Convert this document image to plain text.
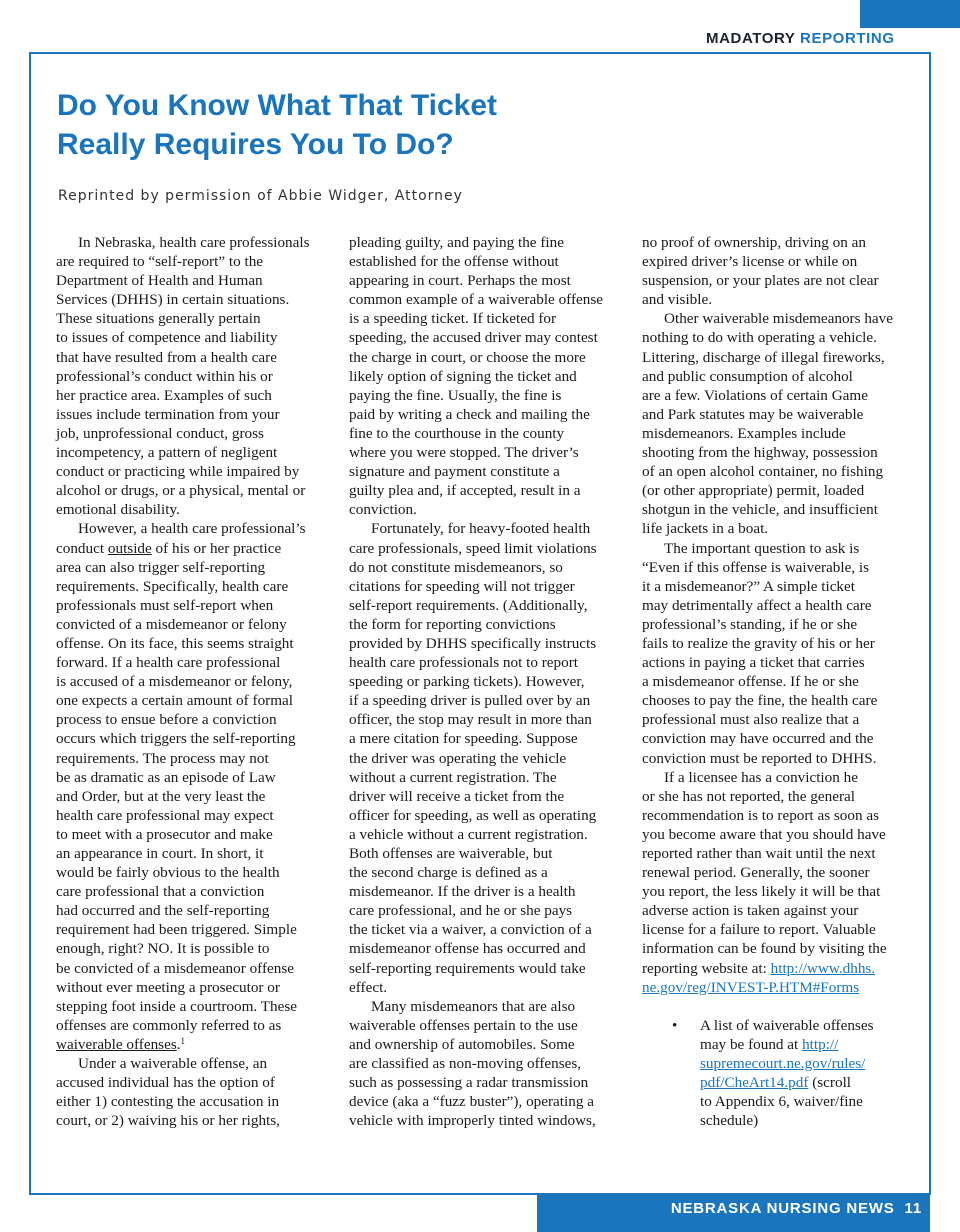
MADATORY REPORTING
Do You Know What That Ticket
Really Requires You To Do?
Reprinted by permission of Abbie Widger, Attorney
In Nebraska, health care professionals
are required to “self-report” to the
Department of Health and Human
Services (DHHS) in certain situations.
These situations generally pertain
to issues of competence and liability
that have resulted from a health care
professional’s conduct within his or
her practice area. Examples of such
issues include termination from your
job, unprofessional conduct, gross
incompetency, a pattern of negligent
conduct or practicing while impaired by
alcohol or drugs, or a physical, mental or
emotional disability.
However, a health care professional’s
conduct outside of his or her practice
area can also trigger self-reporting
requirements. Specifically, health care
professionals must self-report when
convicted of a misdemeanor or felony
offense. On its face, this seems straight
forward. If a health care professional
is accused of a misdemeanor or felony,
one expects a certain amount of formal
process to ensue before a conviction
occurs which triggers the self-reporting
requirements. The process may not
be as dramatic as an episode of Law
and Order, but at the very least the
health care professional may expect
to meet with a prosecutor and make
an appearance in court. In short, it
would be fairly obvious to the health
care professional that a conviction
had occurred and the self-reporting
requirement had been triggered. Simple
enough, right? NO. It is possible to
be convicted of a misdemeanor offense
without ever meeting a prosecutor or
stepping foot inside a courtroom. These
offenses are commonly referred to as
waiverable offenses.$^1$
Under a waiverable offense, an
accused individual has the option of
either 1) contesting the accusation in
court, or 2) waiving his or her rights,
pleading guilty, and paying the fine
established for the offense without
appearing in court. Perhaps the most
common example of a waiverable offense
is a speeding ticket. If ticketed for
speeding, the accused driver may contest
the charge in court, or choose the more
likely option of signing the ticket and
paying the fine. Usually, the fine is
paid by writing a check and mailing the
fine to the courthouse in the county
where you were stopped. The driver’s
signature and payment constitute a
guilty plea and, if accepted, result in a
conviction.
Fortunately, for heavy-footed health
care professionals, speed limit violations
do not constitute misdemeanors, so
citations for speeding will not trigger
self-report requirements. (Additionally,
the form for reporting convictions
provided by DHHS specifically instructs
health care professionals not to report
speeding or parking tickets). However,
if a speeding driver is pulled over by an
officer, the stop may result in more than
a mere citation for speeding. Suppose
the driver was operating the vehicle
without a current registration. The
driver will receive a ticket from the
officer for speeding, as well as operating
a vehicle without a current registration.
Both offenses are waiverable, but
the second charge is defined as a
misdemeanor. If the driver is a health
care professional, and he or she pays
the ticket via a waiver, a conviction of a
misdemeanor offense has occurred and
self-reporting requirements would take
effect.
Many misdemeanors that are also
waiverable offenses pertain to the use
and ownership of automobiles. Some
are classified as non-moving offenses,
such as possessing a radar transmission
device (aka a “fuzz buster”), operating a
vehicle with improperly tinted windows,
no proof of ownership, driving on an
expired driver’s license or while on
suspension, or your plates are not clear
and visible.
Other waiverable misdemeanors have
nothing to do with operating a vehicle.
Littering, discharge of illegal fireworks,
and public consumption of alcohol
are a few. Violations of certain Game
and Park statutes may be waiverable
misdemeanors. Examples include
shooting from the highway, possession
of an open alcohol container, no fishing
(or other appropriate) permit, loaded
shotgun in the vehicle, and insufficient
life jackets in a boat.
The important question to ask is
“Even if this offense is waiverable, is
it a misdemeanor?” A simple ticket
may detrimentally affect a health care
professional’s standing, if he or she
fails to realize the gravity of his or her
actions in paying a ticket that carries
a misdemeanor offense. If he or she
chooses to pay the fine, the health care
professional must also realize that a
conviction may have occurred and the
conviction must be reported to DHHS.
If a licensee has a conviction he
or she has not reported, the general
recommendation is to report as soon as
you become aware that you should have
reported rather than wait until the next
renewal period. Generally, the sooner
you report, the less likely it will be that
adverse action is taken against your
license for a failure to report. Valuable
information can be found by visiting the
reporting website at: http://www.dhhs.
ne.gov/reg/INVEST-P.HTM#Forms
• A list of waiverable offenses
may be found at http://
supremecourt.ne.gov/rules/
pdf/CheArt14.pdf (scroll
to Appendix 6, waiver/fine
schedule)
NEBRASKA NURSING NEWS 11
